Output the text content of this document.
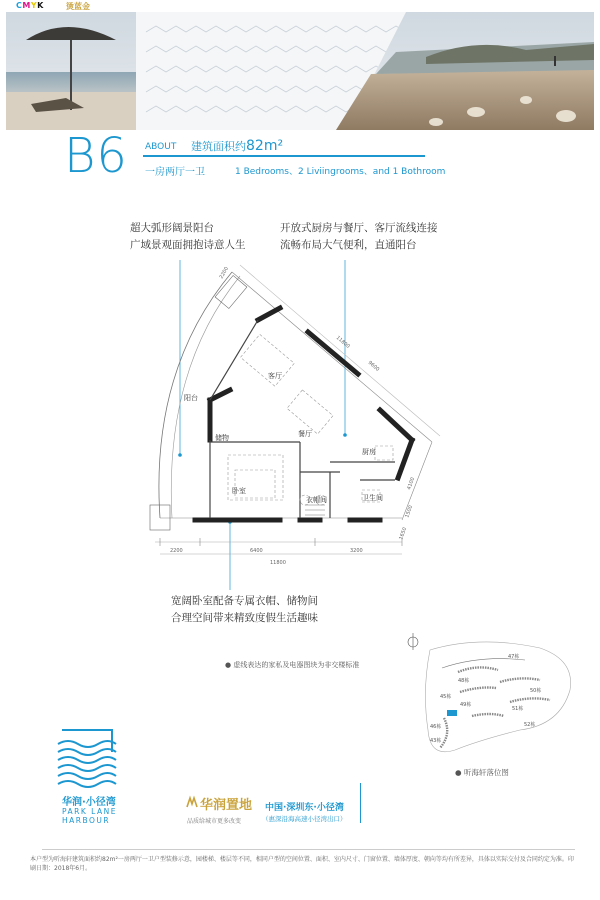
CMYK	烫蓝金
B6 ABOUT 建筑面积约82m²
一房两厅一卫	1 Bedrooms、2 Liviingrooms、and 1 Bothroom
超大弧形阔景阳台
广域景观面拥抱诗意人生
开放式厨房与餐厅、客厅流线连接
流畅布局大气便利，直通阳台
宽阔卧室配备专属衣帽、储物间
合理空间带来精致度假生活趣味
客厅
餐厅
阳台
储物
卧室
衣帽间
厨房
卫生间
2200
11800
9600
2200	6400	3200
11800
4100
1500
1650
● 虚线表达的家私及电器图块为非交楼标准
47栋
48栋
49栋
50栋
51栋
52栋
45栋
46栋
43栋
● 听海轩落位图
华润·小径湾
PARK LANE
HARBOUR
华润置地
品质给城市更多改变
中国·深圳东·小径湾
（惠深沿海高速小径湾出口）
本户型为听海轩建筑面积约82m²一房两厅一卫户型装修示意，园楼梯、楼层等不同，相同户型的空间位置、面积、室内尺寸、门窗位置、墙体厚度、朝向等均有所差异，具体以实际交付及合同约定为准。印刷日期：2018年6月。
